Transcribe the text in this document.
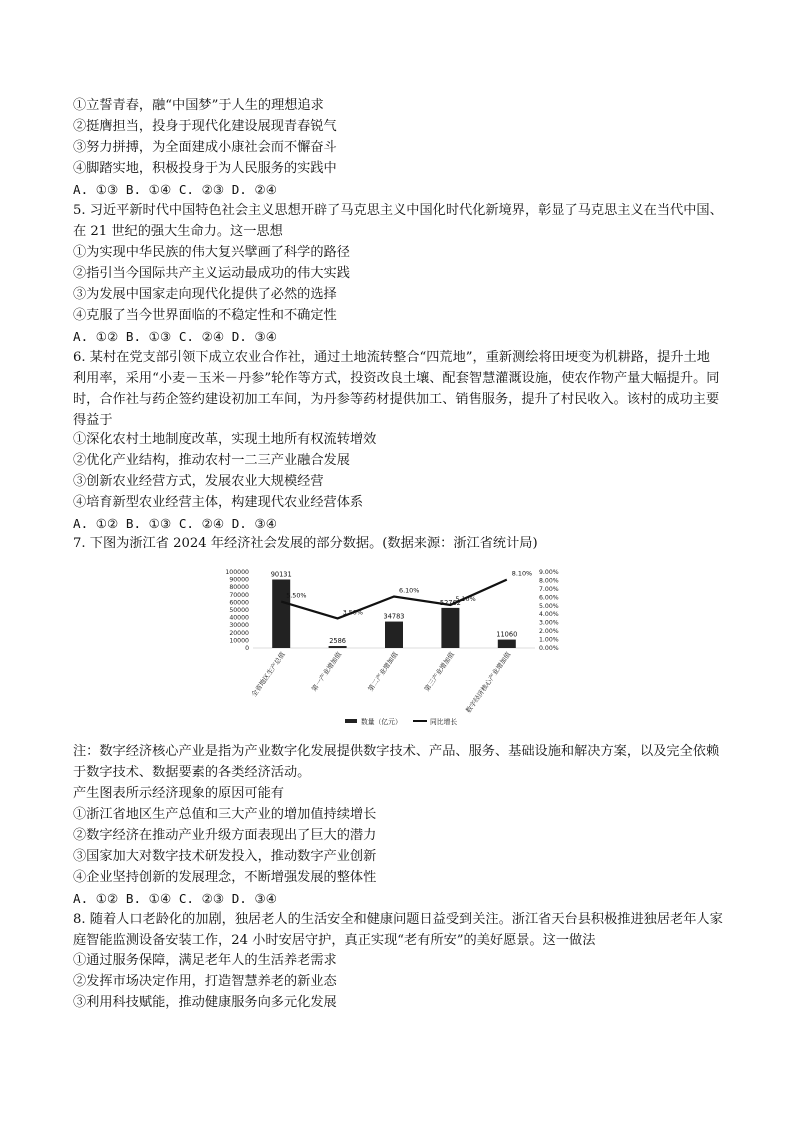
①立誓青春，融“中国梦”于人生的理想追求
②挺膺担当，投身于现代化建设展现青春锐气
③努力拼搏，为全面建成小康社会而不懈奋斗
④脚踏实地，积极投身于为人民服务的实践中
A. ①③ B. ①④ C. ②③ D. ②④
5. 习近平新时代中国特色社会主义思想开辟了马克思主义中国化时代化新境界，彰显了马克思主义在当代中国、在 21 世纪的强大生命力。这一思想
①为实现中华民族的伟大复兴擘画了科学的路径
②指引当今国际共产主义运动最成功的伟大实践
③为发展中国家走向现代化提供了必然的选择
④克服了当今世界面临的不稳定性和不确定性
A. ①② B. ①③ C. ②④ D. ③④
6. 某村在党支部引领下成立农业合作社，通过土地流转整合“四荒地”，重新测绘将田埂变为机耕路，提升土地利用率，采用“小麦－玉米－丹参”轮作等方式，投资改良土壤、配套智慧灌溉设施，使农作物产量大幅提升。同时，合作社与药企签约建设初加工车间，为丹参等药材提供加工、销售服务，提升了村民收入。该村的成功主要得益于
①深化农村土地制度改革，实现土地所有权流转增效
②优化产业结构，推动农村一二三产业融合发展
③创新农业经营方式，发展农业大规模经营
④培育新型农业经营主体，构建现代农业经营体系
A. ①② B. ①③ C. ②④ D. ③④
7. 下图为浙江省 2024 年经济社会发展的部分数据。(数据来源：浙江省统计局)
0
10000
20000
30000
40000
50000
60000
70000
80000
90000
100000
0.00%
1.00%
2.00%
3.00%
4.00%
5.00%
6.00%
7.00%
8.00%
9.00%
90131
2586
34783
52762
11060
5.50%
3.50%
6.10%
5.10%
8.10%
全省地区生产总值	第一产业增加值	第二产业增加值	第三产业增加值 数字经济核心产业增加值
数量（亿元）	同比增长
注：数字经济核心产业是指为产业数字化发展提供数字技术、产品、服务、基础设施和解决方案，以及完全依赖于数字技术、数据要素的各类经济活动。
产生图表所示经济现象的原因可能有
①浙江省地区生产总值和三大产业的增加值持续增长
②数字经济在推动产业升级方面表现出了巨大的潜力
③国家加大对数字技术研发投入，推动数字产业创新
④企业坚持创新的发展理念，不断增强发展的整体性
A. ①② B. ①④ C. ②③ D. ③④
8. 随着人口老龄化的加剧，独居老人的生活安全和健康问题日益受到关注。浙江省天台县积极推进独居老年人家庭智能监测设备安装工作，24 小时安居守护，真正实现“老有所安”的美好愿景。这一做法
①通过服务保障，满足老年人的生活养老需求
②发挥市场决定作用，打造智慧养老的新业态
③利用科技赋能，推动健康服务向多元化发展
